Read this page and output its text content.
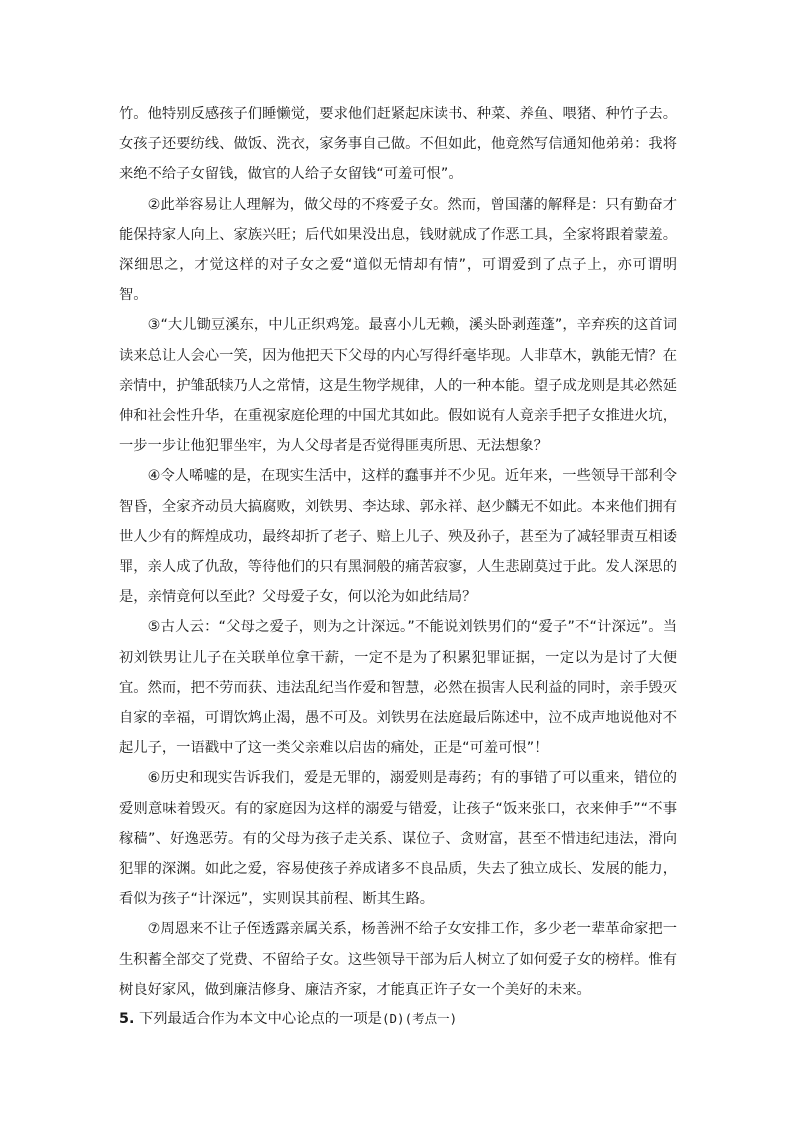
竹。他特别反感孩子们睡懒觉，要求他们赶紧起床读书、种菜、养鱼、喂猪、种竹子去。女孩子还要纺线、做饭、洗衣，家务事自己做。不但如此，他竟然写信通知他弟弟：我将来绝不给子女留钱，做官的人给子女留钱“可羞可恨”。

②此举容易让人理解为，做父母的不疼爱子女。然而，曾国藩的解释是：只有勤奋才能保持家人向上、家族兴旺；后代如果没出息，钱财就成了作恶工具，全家将跟着蒙羞。深细思之，才觉这样的对子女之爱“道似无情却有情”，可谓爱到了点子上，亦可谓明智。

③“大儿锄豆溪东，中儿正织鸡笼。最喜小儿无赖，溪头卧剥莲蓬”，辛弃疾的这首词读来总让人会心一笑，因为他把天下父母的内心写得纤毫毕现。人非草木，孰能无情？在亲情中，护雏舐犊乃人之常情，这是生物学规律，人的一种本能。望子成龙则是其必然延伸和社会性升华，在重视家庭伦理的中国尤其如此。假如说有人竟亲手把子女推进火坑，一步一步让他犯罪坐牢，为人父母者是否觉得匪夷所思、无法想象？

④令人唏嘘的是，在现实生活中，这样的蠢事并不少见。近年来，一些领导干部利令智昏，全家齐动员大搞腐败，刘铁男、李达球、郭永祥、赵少麟无不如此。本来他们拥有世人少有的辉煌成功，最终却折了老子、赔上儿子、殃及孙子，甚至为了减轻罪责互相诿罪，亲人成了仇敌，等待他们的只有黑洞般的痛苦寂寥，人生悲剧莫过于此。发人深思的是，亲情竟何以至此？父母爱子女，何以沦为如此结局？

⑤古人云：“父母之爱子，则为之计深远。”不能说刘铁男们的“爱子”不“计深远”。当初刘铁男让儿子在关联单位拿干薪，一定不是为了积累犯罪证据，一定以为是讨了大便宜。然而，把不劳而获、违法乱纪当作爱和智慧，必然在损害人民利益的同时，亲手毁灭自家的幸福，可谓饮鸩止渴，愚不可及。刘铁男在法庭最后陈述中，泣不成声地说他对不起儿子，一语戳中了这一类父亲难以启齿的痛处，正是“可羞可恨”！

⑥历史和现实告诉我们，爱是无罪的，溺爱则是毒药；有的事错了可以重来，错位的爱则意味着毁灭。有的家庭因为这样的溺爱与错爱，让孩子“饭来张口，衣来伸手”“不事稼穑”、好逸恶劳。有的父母为孩子走关系、谋位子、贪财富，甚至不惜违纪违法，滑向犯罪的深渊。如此之爱，容易使孩子养成诸多不良品质，失去了独立成长、发展的能力，看似为孩子“计深远”，实则误其前程、断其生路。

⑦周恩来不让子侄透露亲属关系，杨善洲不给子女安排工作，多少老一辈革命家把一生积蓄全部交了党费、不留给子女。这些领导干部为后人树立了如何爱子女的榜样。惟有树良好家风，做到廉洁修身、廉洁齐家，才能真正许子女一个美好的未来。

5. 下列最适合作为本文中心论点的一项是(D)(考点一)
